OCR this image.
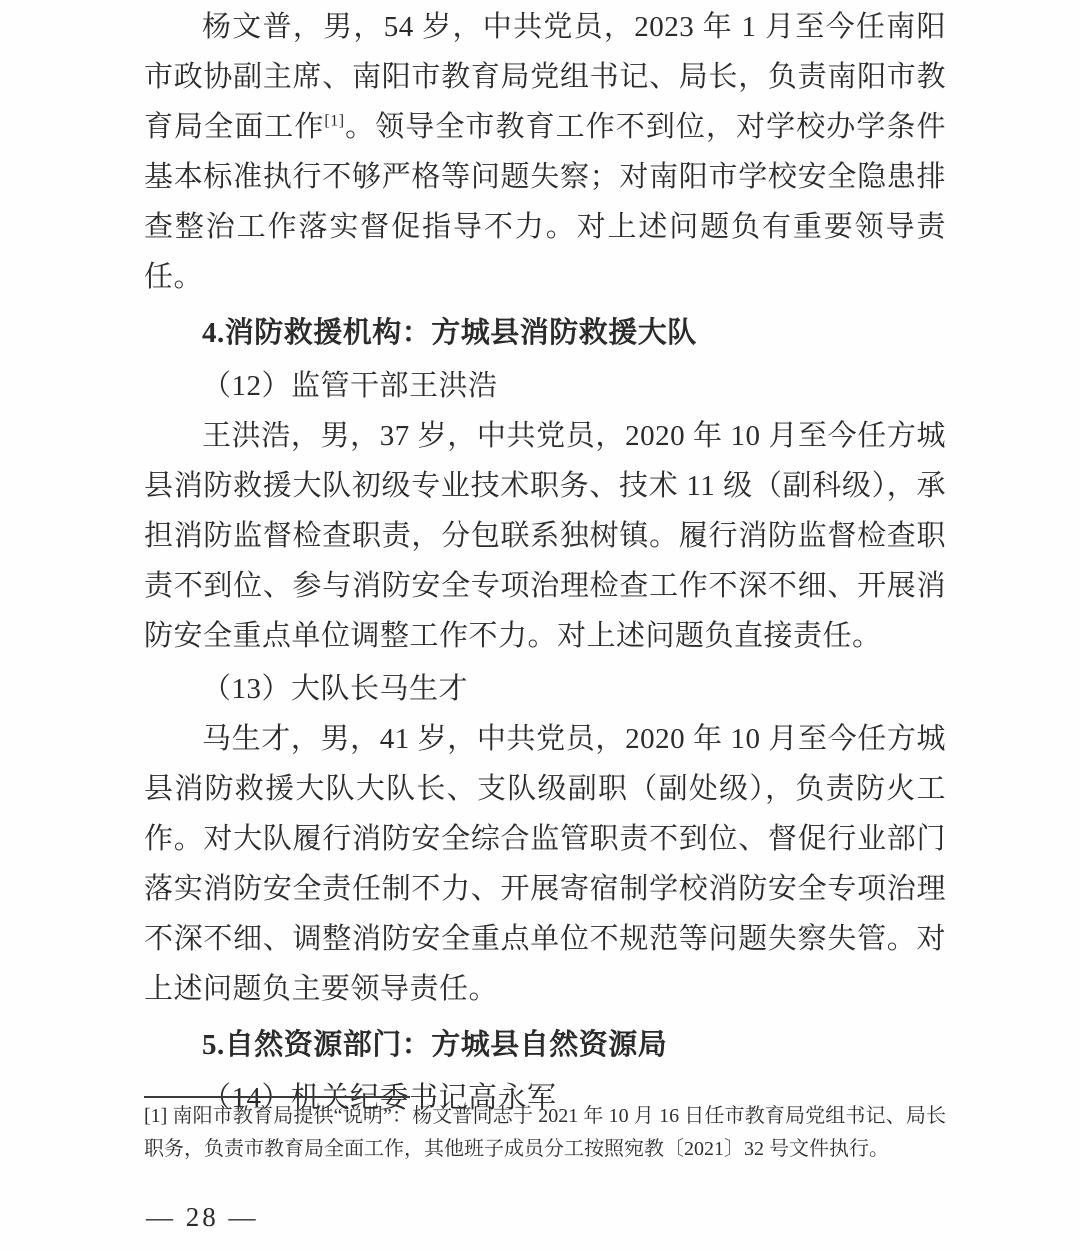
杨文普，男，54 岁，中共党员，2023 年 1 月至今任南阳市政协副主席、南阳市教育局党组书记、局长，负责南阳市教育局全面工作[1]。领导全市教育工作不到位，对学校办学条件基本标准执行不够严格等问题失察；对南阳市学校安全隐患排查整治工作落实督促指导不力。对上述问题负有重要领导责任。

4.消防救援机构：方城县消防救援大队

（12）监管干部王洪浩

王洪浩，男，37 岁，中共党员，2020 年 10 月至今任方城县消防救援大队初级专业技术职务、技术 11 级（副科级），承担消防监督检查职责，分包联系独树镇。履行消防监督检查职责不到位、参与消防安全专项治理检查工作不深不细、开展消防安全重点单位调整工作不力。对上述问题负直接责任。

（13）大队长马生才

马生才，男，41 岁，中共党员，2020 年 10 月至今任方城县消防救援大队大队长、支队级副职（副处级），负责防火工作。对大队履行消防安全综合监管职责不到位、督促行业部门落实消防安全责任制不力、开展寄宿制学校消防安全专项治理不深不细、调整消防安全重点单位不规范等问题失察失管。对上述问题负主要领导责任。

5.自然资源部门：方城县自然资源局

（14）机关纪委书记高永军

[1] 南阳市教育局提供“说明”：杨文普同志于 2021 年 10 月 16 日任市教育局党组书记、局长职务，负责市教育局全面工作，其他班子成员分工按照宛教〔2021〕32 号文件执行。

— 28 —
